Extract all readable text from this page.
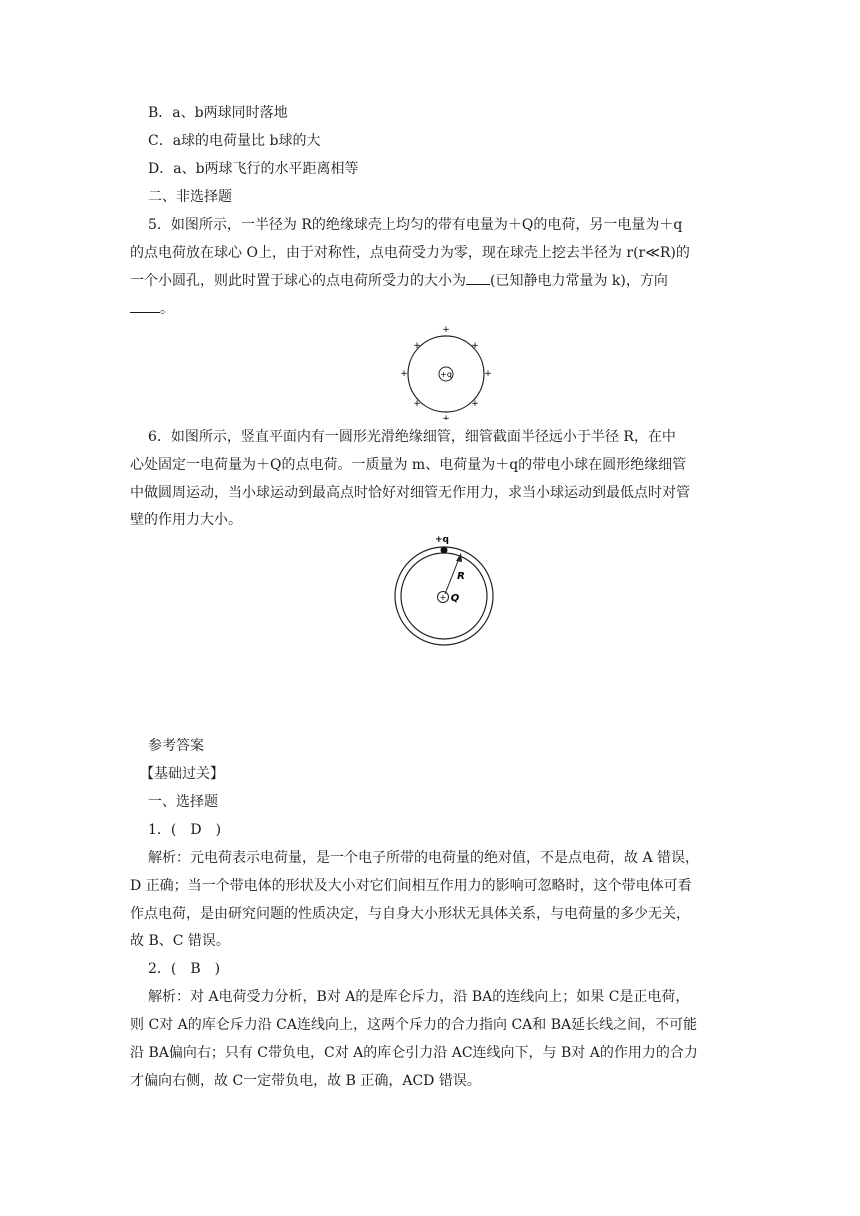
B．a、b两球同时落地
C．a球的电荷量比 b球的大
D．a、b两球飞行的水平距离相等
二、非选择题
5．如图所示，一半径为 R的绝缘球壳上均匀的带有电量为＋Q的电荷，另一电量为＋q
的点电荷放在球心 O上，由于对称性，点电荷受力为零，现在球壳上挖去半径为 r(r≪R)的
一个小圆孔，则此时置于球心的点电荷所受力的大小为 (已知静电力常量为 k)，方向
。
+q
+
+
+	+
+	+
+	+
6．如图所示，竖直平面内有一圆形光滑绝缘细管，细管截面半径远小于半径 R，在中
心处固定一电荷量为＋Q的点电荷。一质量为 m、电荷量为＋q的带电小球在圆形绝缘细管
中做圆周运动，当小球运动到最高点时恰好对细管无作用力，求当小球运动到最低点时对管
壁的作用力大小。
+q
R
+ Q
参考答案
【基础过关】
一、选择题
1．(　D　)
解析：元电荷表示电荷量，是一个电子所带的电荷量的绝对值，不是点电荷，故 A 错误，
D 正确；当一个带电体的形状及大小对它们间相互作用力的影响可忽略时，这个带电体可看
作点电荷，是由研究问题的性质决定，与自身大小形状无具体关系，与电荷量的多少无关，
故 B、C 错误。
2．(　B　)
解析：对 A电荷受力分析，B对 A的是库仑斥力，沿 BA的连线向上；如果 C是正电荷，
则 C对 A的库仑斥力沿 CA连线向上，这两个斥力的合力指向 CA和 BA延长线之间，不可能
沿 BA偏向右；只有 C带负电，C对 A的库仑引力沿 AC连线向下，与 B对 A的作用力的合力
才偏向右侧，故 C一定带负电，故 B 正确，ACD 错误。
